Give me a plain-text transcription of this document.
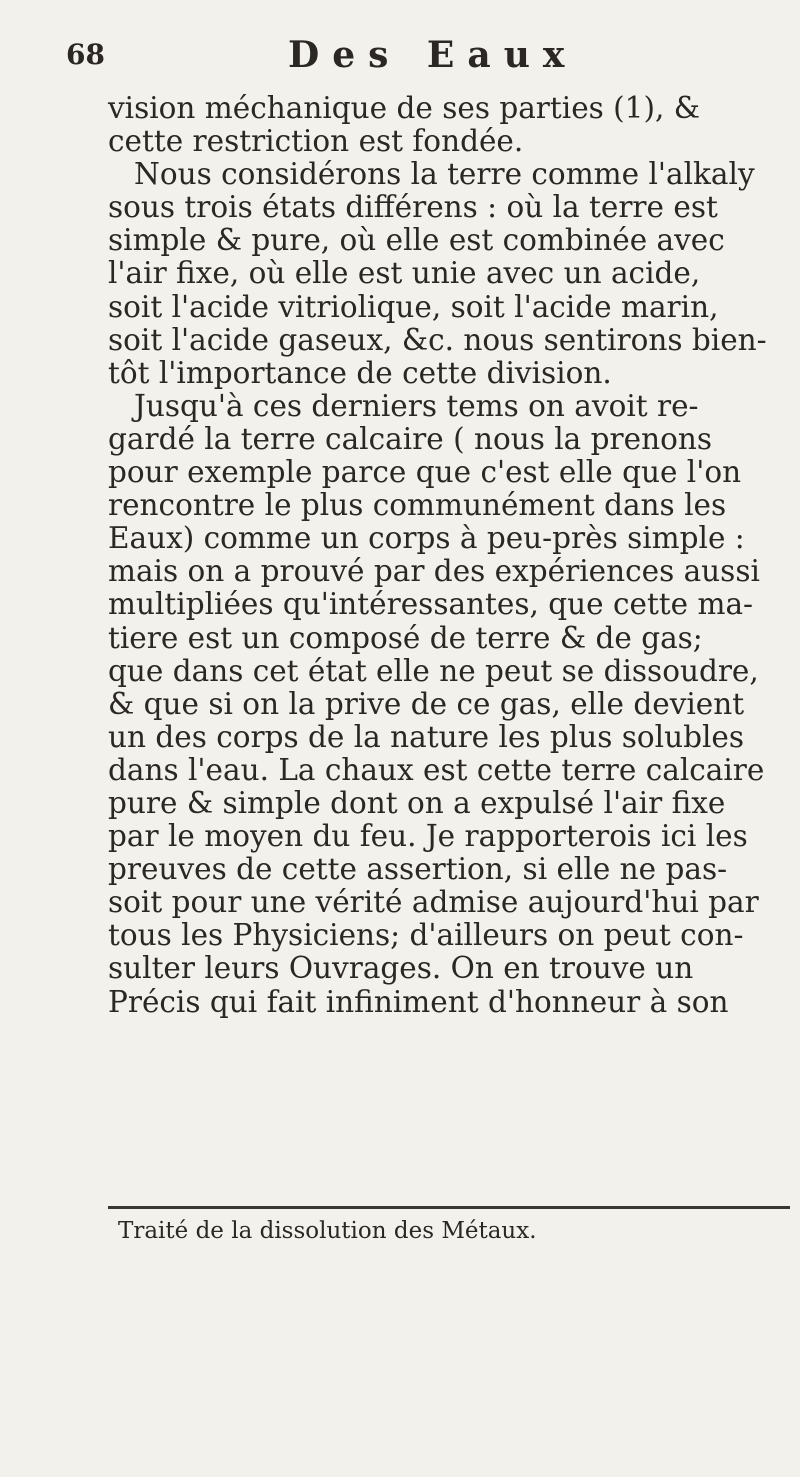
68	Des Eaux
vision méchanique de ses parties (1), &
cette restriction est fondée.
Nous considérons la terre comme l'alkaly
sous trois états différens : où la terre est
simple & pure, où elle est combinée avec
l'air fixe, où elle est unie avec un acide,
soit l'acide vitriolique, soit l'acide marin,
soit l'acide gaseux, &c. nous sentirons bien-
tôt l'importance de cette division.
Jusqu'à ces derniers tems on avoit re-
gardé la terre calcaire ( nous la prenons
pour exemple parce que c'est elle que l'on
rencontre le plus communément dans les
Eaux) comme un corps à peu-près simple :
mais on a prouvé par des expériences aussi
multipliées qu'intéressantes, que cette ma-
tiere est un composé de terre & de gas;
que dans cet état elle ne peut se dissoudre,
& que si on la prive de ce gas, elle devient
un des corps de la nature les plus solubles
dans l'eau. La chaux est cette terre calcaire
pure & simple dont on a expulsé l'air fixe
par le moyen du feu. Je rapporterois ici les
preuves de cette assertion, si elle ne pas-
soit pour une vérité admise aujourd'hui par
tous les Physiciens; d'ailleurs on peut con-
sulter leurs Ouvrages. On en trouve un
Précis qui fait infiniment d'honneur à son
Traité de la dissolution des Métaux.
